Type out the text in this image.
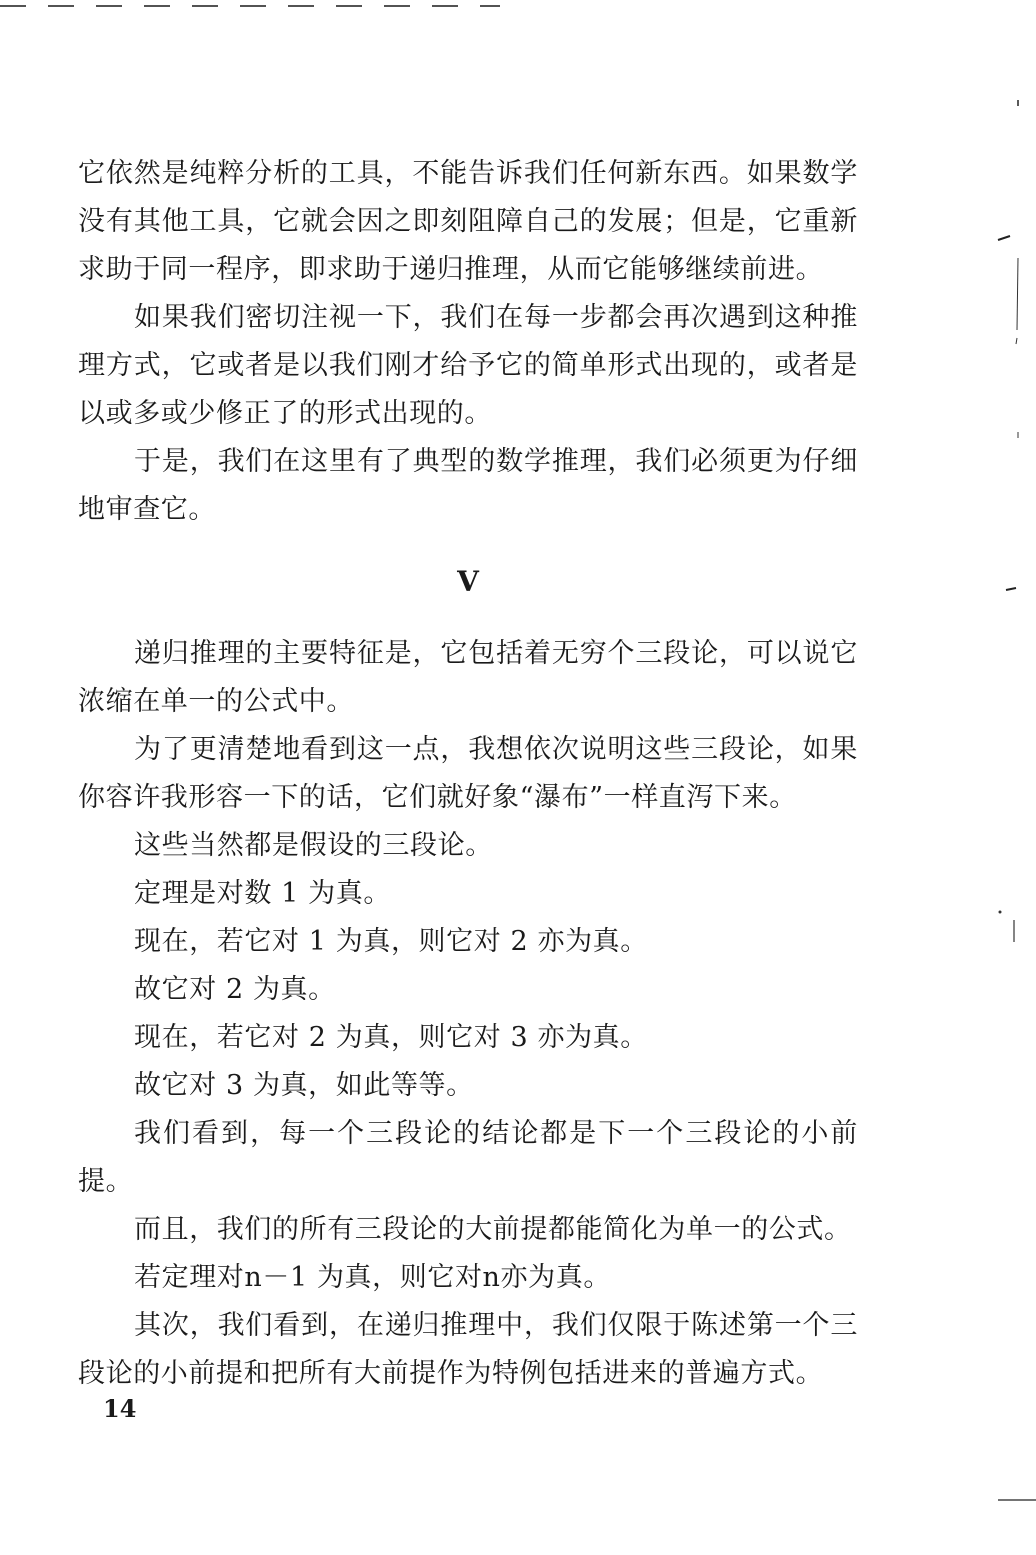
它依然是纯粹分析的工具，不能告诉我们任何新东西。如果数学没有其他工具，它就会因之即刻阻障自己的发展；但是，它重新求助于同一程序，即求助于递归推理，从而它能够继续前进。

如果我们密切注视一下，我们在每一步都会再次遇到这种推理方式，它或者是以我们刚才给予它的简单形式出现的，或者是以或多或少修正了的形式出现的。

于是，我们在这里有了典型的数学推理，我们必须更为仔细地审查它。

V

递归推理的主要特征是，它包括着无穷个三段论，可以说它浓缩在单一的公式中。

为了更清楚地看到这一点，我想依次说明这些三段论，如果你容许我形容一下的话，它们就好象“瀑布”一样直泻下来。

这些当然都是假设的三段论。

定理是对数 1 为真。

现在，若它对 1 为真，则它对 2 亦为真。

故它对 2 为真。

现在，若它对 2 为真，则它对 3 亦为真。

故它对 3 为真，如此等等。

我们看到，每一个三段论的结论都是下一个三段论的小前提。

而且，我们的所有三段论的大前提都能简化为单一的公式。

若定理对n－1 为真，则它对n亦为真。

其次，我们看到，在递归推理中，我们仅限于陈述第一个三段论的小前提和把所有大前提作为特例包括进来的普遍方式。

14
